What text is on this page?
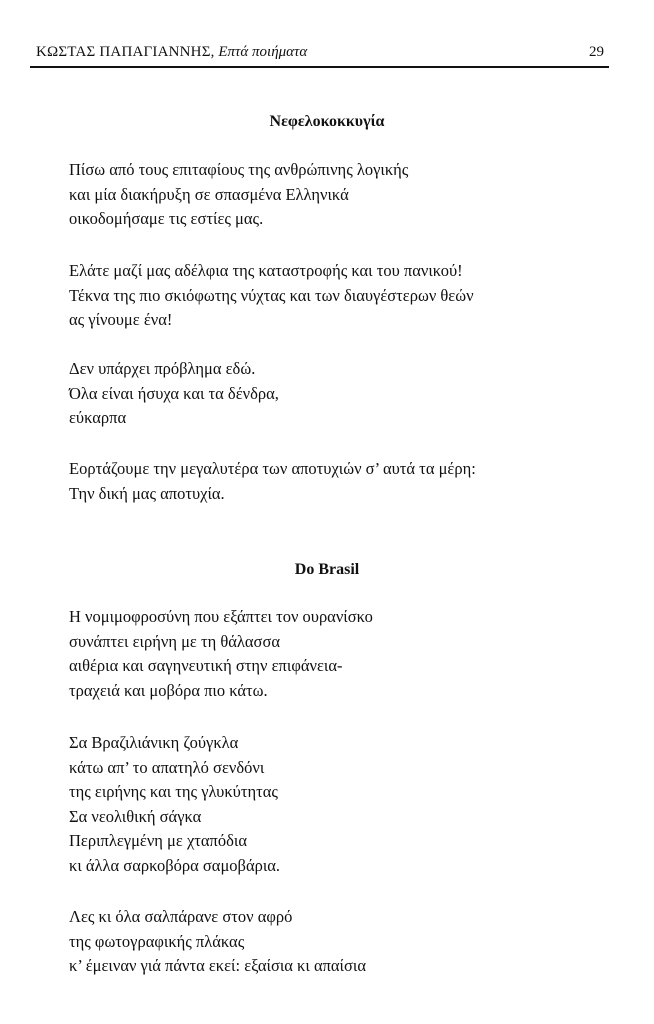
ΚΩΣΤΑΣ ΠΑΠΑΓΙΑΝΝΗΣ, Επτά ποιήματα	29
Νεφελοκοκκυγία
Πίσω από τους επιταφίους της ανθρώπινης λογικής
και μία διακήρυξη σε σπασμένα Ελληνικά
οικοδομήσαμε τις εστίες μας.
Ελάτε μαζί μας αδέλφια της καταστροφής και του πανικού!
Τέκνα της πιο σκιόφωτης νύχτας και των διαυγέστερων θεών
ας γίνουμε ένα!
Δεν υπάρχει πρόβλημα εδώ.
Όλα είναι ήσυχα και τα δένδρα,
εύκαρπα
Εορτάζουμε την μεγαλυτέρα των αποτυχιών σ’ αυτά τα μέρη:
Την δική μας αποτυχία.
Do Brasil
Η νομιμοφροσύνη που εξάπτει τον ουρανίσκο
συνάπτει ειρήνη με τη θάλασσα
αιθέρια και σαγηνευτική στην επιφάνεια-
τραχειά και μοβόρα πιο κάτω.
Σα Βραζιλιάνικη ζούγκλα
κάτω απ’ το απατηλό σενδόνι
της ειρήνης και της γλυκύτητας
Σα νεολιθική σάγκα
Περιπλεγμένη με χταπόδια
κι άλλα σαρκοβόρα σαμοβάρια.
Λες κι όλα σαλπάρανε στον αφρό
της φωτογραφικής πλάκας
κ’ έμειναν γιά πάντα εκεί: εξαίσια κι απαίσια
